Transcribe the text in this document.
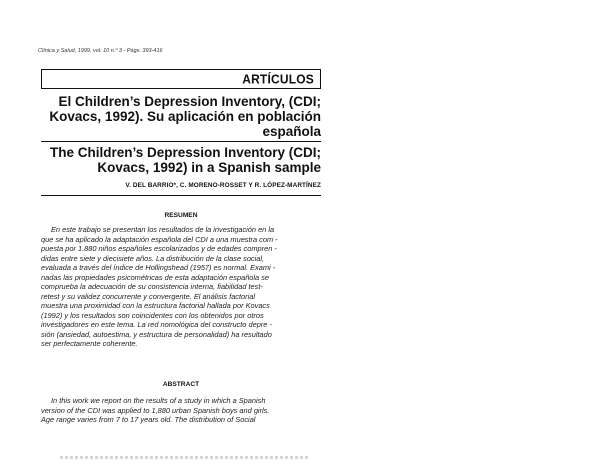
Clínica y Salud, 1999, vol. 10 n.º 3 - Págs. 393-416
ARTÍCULOS
El Children’s Depression Inventory, (CDI;
Kovacs, 1992). Su aplicación en población
española
The Children’s Depression Inventory (CDI;
Kovacs, 1992) in a Spanish sample
V. DEL BARRIO*, C. MORENO-ROSSET Y R. LÓPEZ-MARTÍNEZ
RESUMEN
En este trabajo se presentan los resultados de la investigación en la
que se ha aplicado la adaptación española del CDI a una muestra com -
puesta por 1.880 niños españoles escolarizados y de edades compren -
didas entre siete y diecisiete años. La distribución de la clase social,
evaluada a través del índice de Hollingshead (1957) es normal. Exami -
nadas las propiedades psicométricas de esta adaptación española se
comprueba la adecuación de su consistencia interna, fiabilidad test-
retest y su validez concurrente y convergente. El análisis factorial
muestra una proximidad con la estructura factorial hallada por Kovacs
(1992) y los resultados son coincidentes con los obtenidos por otros
investigadores en este tema. La red nomológica del constructo depre -
sión (ansiedad, autoestima, y estructura de personalidad) ha resultado
ser perfectamente coherente.
ABSTRACT
In this work we report on the results of a study in which a Spanish
version of the CDI was applied to 1,880 urban Spanish boys and girls.
Age range varies from 7 to 17 years old. The distribution of Social
